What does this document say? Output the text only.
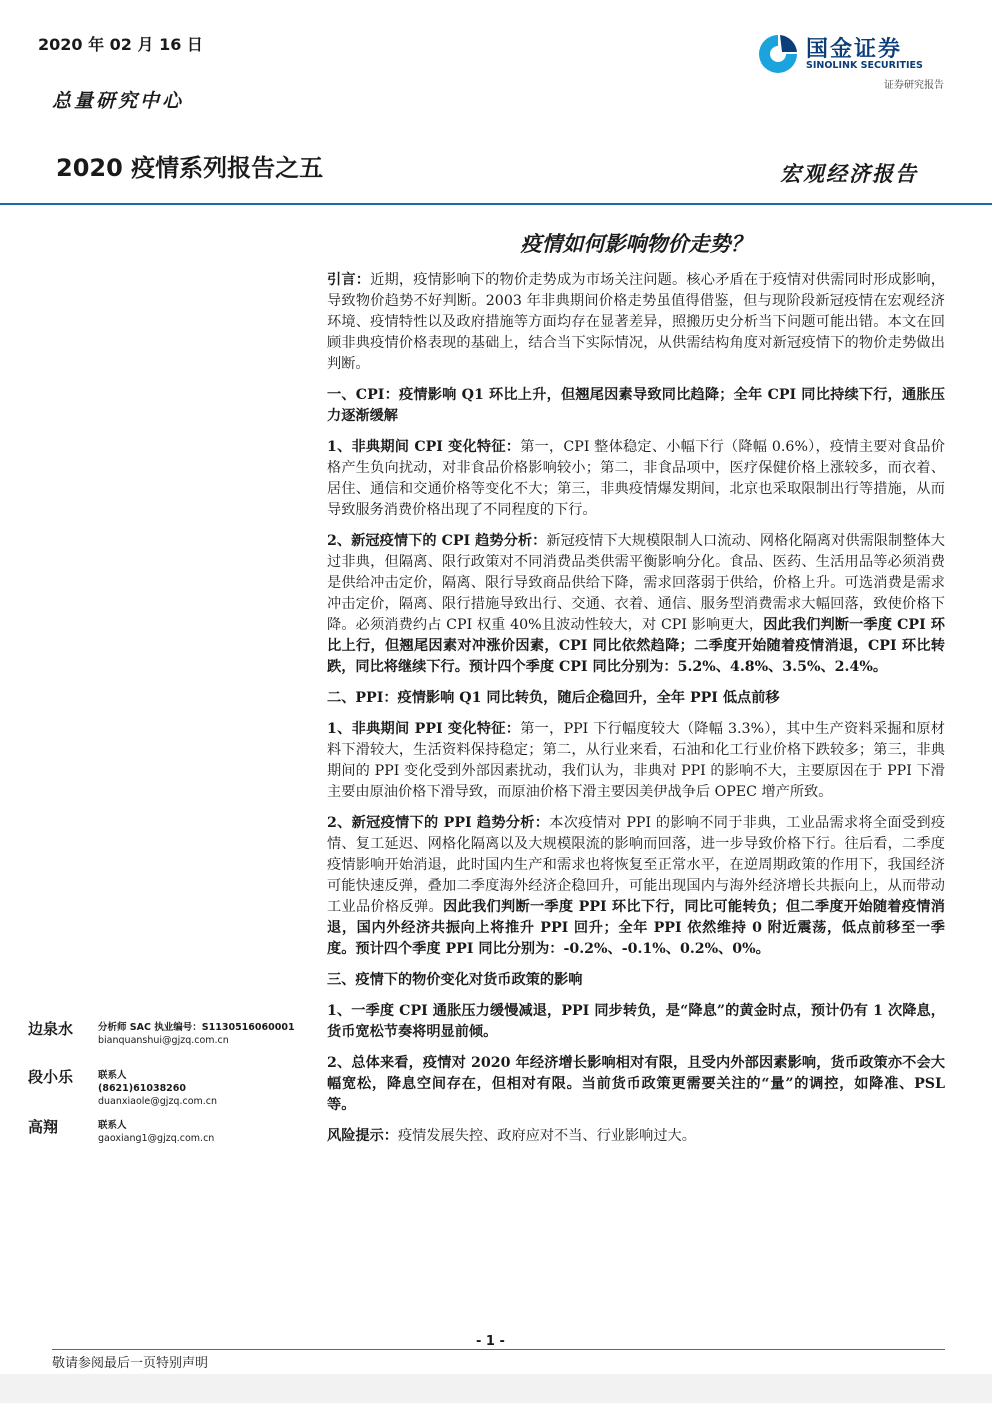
2020 年 02 月 16 日
总量研究中心
2020 疫情系列报告之五
国金证券
SINOLINK SECURITIES
证券研究报告
宏观经济报告
疫情如何影响物价走势？

引言：近期，疫情影响下的物价走势成为市场关注问题。核心矛盾在于疫情对供需同时形成影响，导致物价趋势不好判断。2003 年非典期间价格走势虽值得借鉴，但与现阶段新冠疫情在宏观经济环境、疫情特性以及政府措施等方面均存在显著差异，照搬历史分析当下问题可能出错。本文在回顾非典疫情价格表现的基础上，结合当下实际情况，从供需结构角度对新冠疫情下的物价走势做出判断。

一、CPI：疫情影响 Q1 环比上升，但翘尾因素导致同比趋降；全年 CPI 同比持续下行，通胀压力逐渐缓解

1、非典期间 CPI 变化特征：第一，CPI 整体稳定、小幅下行（降幅 0.6%），疫情主要对食品价格产生负向扰动，对非食品价格影响较小；第二，非食品项中，医疗保健价格上涨较多，而衣着、居住、通信和交通价格等变化不大；第三，非典疫情爆发期间，北京也采取限制出行等措施，从而导致服务消费价格出现了不同程度的下行。

2、新冠疫情下的 CPI 趋势分析：新冠疫情下大规模限制人口流动、网格化隔离对供需限制整体大过非典，但隔离、限行政策对不同消费品类供需平衡影响分化。食品、医药、生活用品等必须消费是供给冲击定价，隔离、限行导致商品供给下降，需求回落弱于供给，价格上升。可选消费是需求冲击定价，隔离、限行措施导致出行、交通、衣着、通信、服务型消费需求大幅回落，致使价格下降。必须消费约占 CPI 权重 40%且波动性较大，对 CPI 影响更大，因此我们判断一季度 CPI 环比上行，但翘尾因素对冲涨价因素，CPI 同比依然趋降；二季度开始随着疫情消退，CPI 环比转跌，同比将继续下行。预计四个季度 CPI 同比分别为：5.2%、4.8%、3.5%、2.4%。

二、PPI：疫情影响 Q1 同比转负，随后企稳回升，全年 PPI 低点前移

1、非典期间 PPI 变化特征：第一，PPI 下行幅度较大（降幅 3.3%），其中生产资料采掘和原材料下滑较大，生活资料保持稳定；第二，从行业来看，石油和化工行业价格下跌较多；第三，非典期间的 PPI 变化受到外部因素扰动，我们认为，非典对 PPI 的影响不大，主要原因在于 PPI 下滑主要由原油价格下滑导致，而原油价格下滑主要因美伊战争后 OPEC 增产所致。

2、新冠疫情下的 PPI 趋势分析：本次疫情对 PPI 的影响不同于非典，工业品需求将全面受到疫情、复工延迟、网格化隔离以及大规模限流的影响而回落，进一步导致价格下行。往后看，二季度疫情影响开始消退，此时国内生产和需求也将恢复至正常水平，在逆周期政策的作用下，我国经济可能快速反弹，叠加二季度海外经济企稳回升，可能出现国内与海外经济增长共振向上，从而带动工业品价格反弹。因此我们判断一季度 PPI 环比下行，同比可能转负；但二季度开始随着疫情消退，国内外经济共振向上将推升 PPI 回升；全年 PPI 依然维持 0 附近震荡，低点前移至一季度。预计四个季度 PPI 同比分别为：-0.2%、-0.1%、0.2%、0%。

三、疫情下的物价变化对货币政策的影响

1、一季度 CPI 通胀压力缓慢减退，PPI 同步转负，是“降息”的黄金时点，预计仍有 1 次降息，货币宽松节奏将明显前倾。

2、总体来看，疫情对 2020 年经济增长影响相对有限，且受内外部因素影响，货币政策亦不会大幅宽松，降息空间存在，但相对有限。当前货币政策更需要关注的“量”的调控，如降准、PSL 等。

风险提示：疫情发展失控、政府应对不当、行业影响过大。

边泉水	分析师 SAC 执业编号：S1130516060001
bianquanshui@gjzq.com.cn
段小乐	联系人
(8621)61038260
duanxiaole@gjzq.com.cn
高翔	联系人
gaoxiang1@gjzq.com.cn
- 1 -
敬请参阅最后一页特别声明
